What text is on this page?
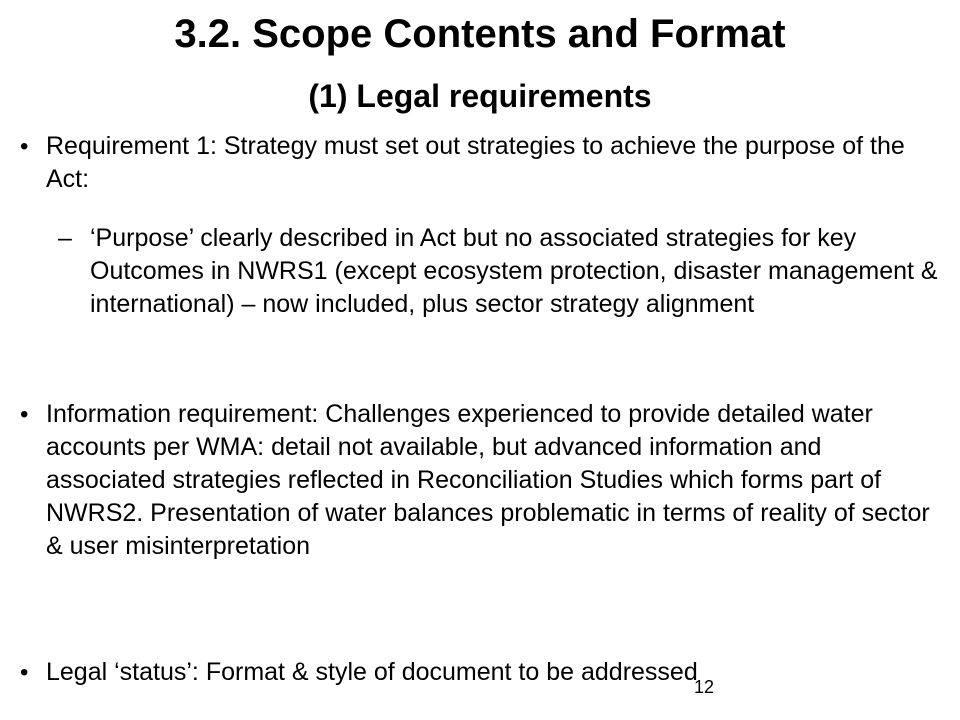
3.2. Scope Contents and Format
(1) Legal requirements
• Requirement 1: Strategy must set out strategies to achieve the purpose of the Act:
– ‘Purpose’ clearly described in Act but no associated strategies for key Outcomes in NWRS1 (except ecosystem protection, disaster management & international) – now included, plus sector strategy alignment
• Information requirement: Challenges experienced to provide detailed water accounts per WMA: detail not available, but advanced information and associated strategies reflected in Reconciliation Studies which forms part of NWRS2. Presentation of water balances problematic in terms of reality of sector & user misinterpretation
• Legal ‘status’: Format & style of document to be addressed
12
